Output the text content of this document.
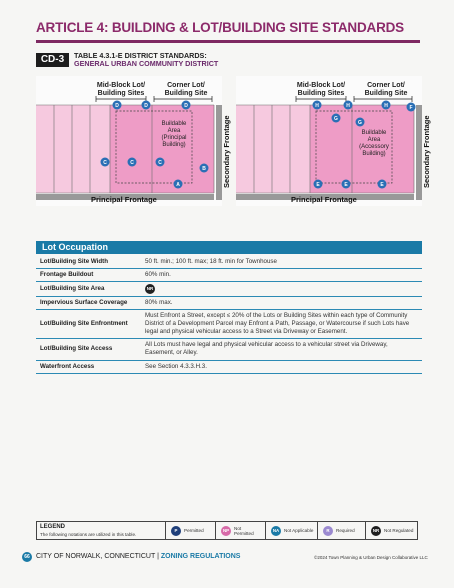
ARTICLE 4: BUILDING & LOT/BUILDING SITE STANDARDS
CD-3	TABLE 4.3.1-E DISTRICT STANDARDS:
GENERAL URBAN COMMUNITY DISTRICT
Buildable Area (Principal Building)
Mid-Block Lot/ Building Sites
Corner Lot/ Building Site
Principal Frontage
Secondary Frontage
D	D	D
C	C	C
B
A
Buildable Area (Accessory Building)
Mid-Block Lot/ Building Sites
Corner Lot/ Building Site
Principal Frontage
Secondary Frontage
H	H	H	F
G
G
E	E	E
Lot Occupation
Lot/Building Site Width	50 ft. min.; 100 ft. max; 18 ft. min for Townhouse
Frontage Buildout	60% min.
Lot/Building Site Area	NR
Impervious Surface Coverage	80% max.
Lot/Building Site Enfrontment	Must Enfront a Street, except ≤ 20% of the Lots or Building Sites within each type of Community District of a Development Parcel may Enfront a Path, Passage, or Watercourse if such Lots have legal and physical vehicular access to a Street via Driveway or Easement.
Lot/Building Site Access	All Lots must have legal and physical vehicular access to a vehicular street via Driveway, Easement, or Alley.
Waterfront Access	See Section 4.3.3.H.3.
LEGEND
The following notations are utilized in this table.
P	Permitted	NP	Not Permitted
NA	Not Applicable	R	Required	NR	Not Regulated
66 CITY OF NORWALK, CONNECTICUT | ZONING REGULATIONS	©2024 Town Planning & Urban Design Collaborative LLC
